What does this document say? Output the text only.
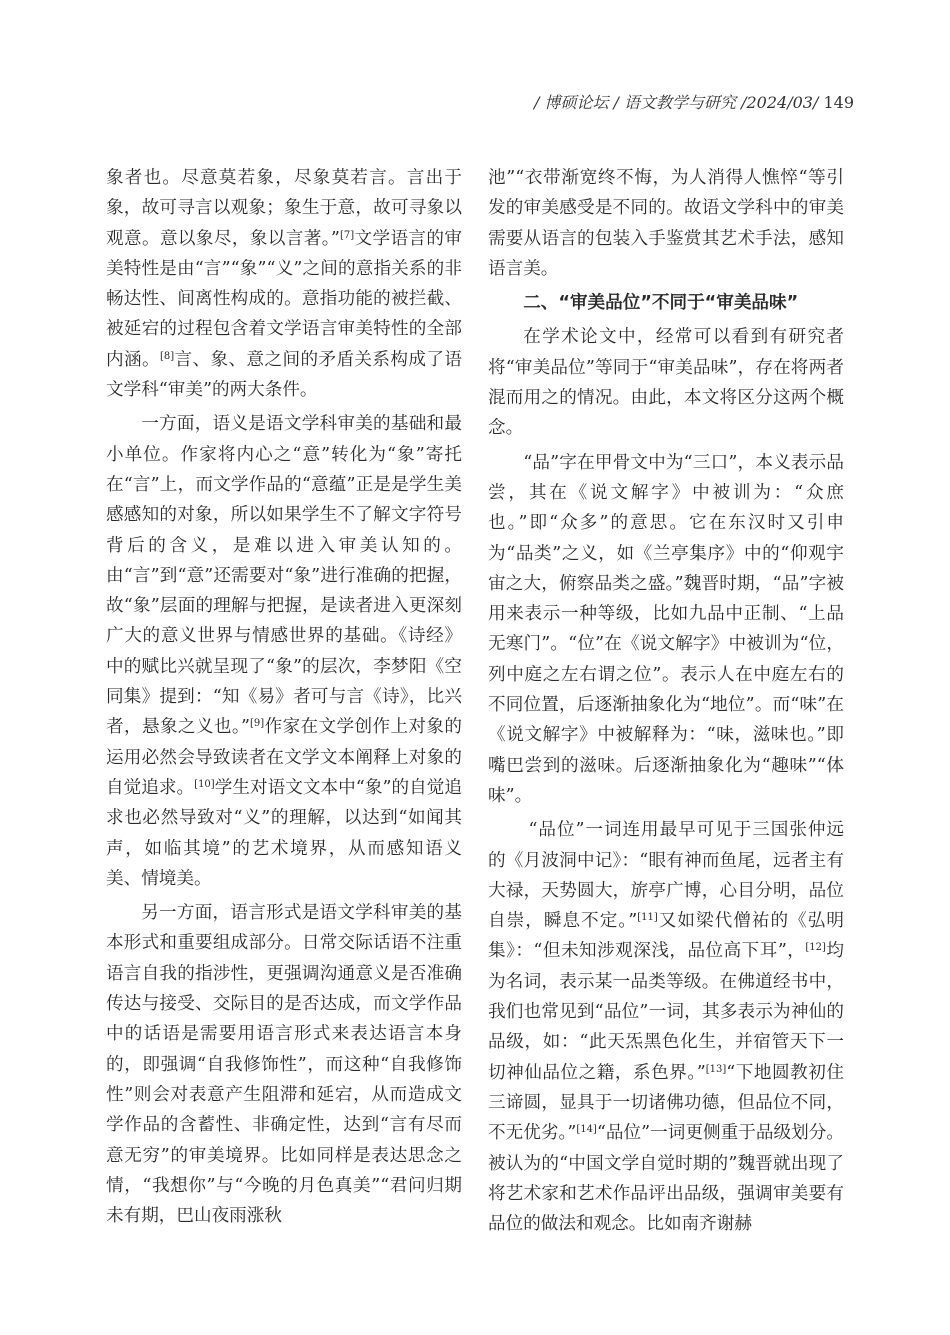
/ 博硕论坛 / 语文教学与研究 /2024/03/ 149

象者也。尽意莫若象，尽象莫若言。言出于象，故可寻言以观象；象生于意，故可寻象以观意。意以象尽，象以言著。”[7]文学语言的审美特性是由“言”“象”“义”之间的意指关系的非畅达性、间离性构成的。意指功能的被拦截、被延宕的过程包含着文学语言审美特性的全部内涵。[8]言、象、意之间的矛盾关系构成了语文学科“审美”的两大条件。

一方面，语义是语文学科审美的基础和最小单位。作家将内心之“意”转化为“象”寄托在“言”上，而文学作品的“意蕴”正是是学生美感感知的对象，所以如果学生不了解文字符号背后的含义，是难以进入审美认知的。由“言”到“意”还需要对“象”进行准确的把握，故“象”层面的理解与把握，是读者进入更深刻广大的意义世界与情感世界的基础。《诗经》中的赋比兴就呈现了“象”的层次，李梦阳《空同集》提到：“知《易》者可与言《诗》，比兴者，悬象之义也。”[9]作家在文学创作上对象的运用必然会导致读者在文学文本阐释上对象的自觉追求。[10]学生对语文文本中“象”的自觉追求也必然导致对“义”的理解，以达到“如闻其声，如临其境”的艺术境界，从而感知语义美、情境美。

另一方面，语言形式是语文学科审美的基本形式和重要组成部分。日常交际话语不注重语言自我的指涉性，更强调沟通意义是否准确传达与接受、交际目的是否达成，而文学作品中的话语是需要用语言形式来表达语言本身的，即强调“自我修饰性”，而这种“自我修饰性”则会对表意产生阻滞和延宕，从而造成文学作品的含蓄性、非确定性，达到“言有尽而意无穷”的审美境界。比如同样是表达思念之情，“我想你”与“今晚的月色真美”“君问归期未有期，巴山夜雨涨秋

池”“衣带渐宽终不悔，为人消得人憔悴“等引发的审美感受是不同的。故语文学科中的审美需要从语言的包装入手鉴赏其艺术手法，感知语言美。

二、“审美品位”不同于“审美品味”

在学术论文中，经常可以看到有研究者将“审美品位”等同于“审美品味”，存在将两者混而用之的情况。由此，本文将区分这两个概念。

“品”字在甲骨文中为“三口”，本义表示品尝，其在《说文解字》中被训为：“众庶也。”即“众多”的意思。它在东汉时又引申为“品类”之义，如《兰亭集序》中的“仰观宇宙之大，俯察品类之盛。”魏晋时期，“品”字被用来表示一种等级，比如九品中正制、“上品无寒门”。“位”在《说文解字》中被训为“位，列中庭之左右谓之位”。表示人在中庭左右的不同位置，后逐渐抽象化为“地位”。而“味”在《说文解字》中被解释为：“味，滋味也。”即嘴巴尝到的滋味。后逐渐抽象化为“趣味”“体味”。

“品位”一词连用最早可见于三国张仲远的《月波洞中记》：“眼有神而鱼尾，远者主有大禄，天势圆大，旂亭广博，心目分明，品位自崇，瞬息不定。”[11]又如梁代僧祐的《弘明集》：“但未知涉观深浅，品位高下耳”，[12]均为名词，表示某一品类等级。在佛道经书中，我们也常见到“品位”一词，其多表示为神仙的品级，如：“此天炁黑色化生，并宿管天下一切神仙品位之籍，系色界。”[13]“下地圆教初住三谛圆，显具于一切诸佛功德，但品位不同，不无优劣。”[14]“品位”一词更侧重于品级划分。被认为的“中国文学自觉时期的”魏晋就出现了将艺术家和艺术作品评出品级，强调审美要有品位的做法和观念。比如南齐谢赫
